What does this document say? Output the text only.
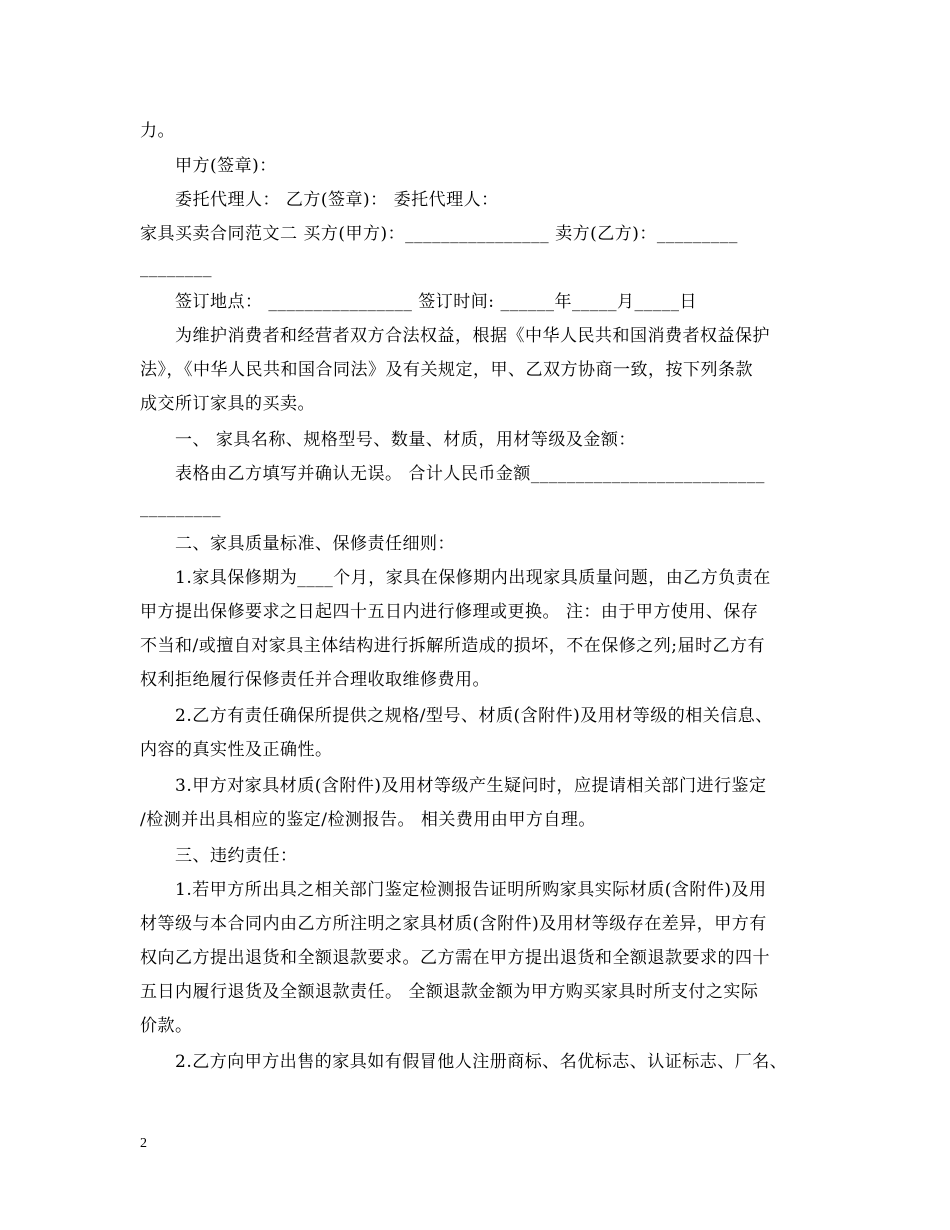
力。
甲方(签章)：
委托代理人： 乙方(签章)： 委托代理人：
家具买卖合同范文二 买方(甲方)：________________ 卖方(乙方)：_________
________
签订地点： ________________ 签订时间: ______年_____月_____日
为维护消费者和经营者双方合法权益，根据《中华人民共和国消费者权益保护
法》，《中华人民共和国合同法》及有关规定，甲、乙双方协商一致，按下列条款
成交所订家具的买卖。
一、 家具名称、规格型号、数量、材质，用材等级及金额：
表格由乙方填写并确认无误。 合计人民币金额__________________________
_________
二、家具质量标准、保修责任细则：
1.家具保修期为____个月，家具在保修期内出现家具质量问题，由乙方负责在
甲方提出保修要求之日起四十五日内进行修理或更换。 注：由于甲方使用、保存
不当和/或擅自对家具主体结构进行拆解所造成的损坏，不在保修之列;届时乙方有
权利拒绝履行保修责任并合理收取维修费用。
2.乙方有责任确保所提供之规格/型号、材质(含附件)及用材等级的相关信息、
内容的真实性及正确性。
3.甲方对家具材质(含附件)及用材等级产生疑问时，应提请相关部门进行鉴定
/检测并出具相应的鉴定/检测报告。 相关费用由甲方自理。
三、违约责任：
1.若甲方所出具之相关部门鉴定检测报告证明所购家具实际材质(含附件)及用
材等级与本合同内由乙方所注明之家具材质(含附件)及用材等级存在差异，甲方有
权向乙方提出退货和全额退款要求。乙方需在甲方提出退货和全额退款要求的四十
五日内履行退货及全额退款责任。 全额退款金额为甲方购买家具时所支付之实际
价款。
2.乙方向甲方出售的家具如有假冒他人注册商标、名优标志、认证标志、厂名、
2
